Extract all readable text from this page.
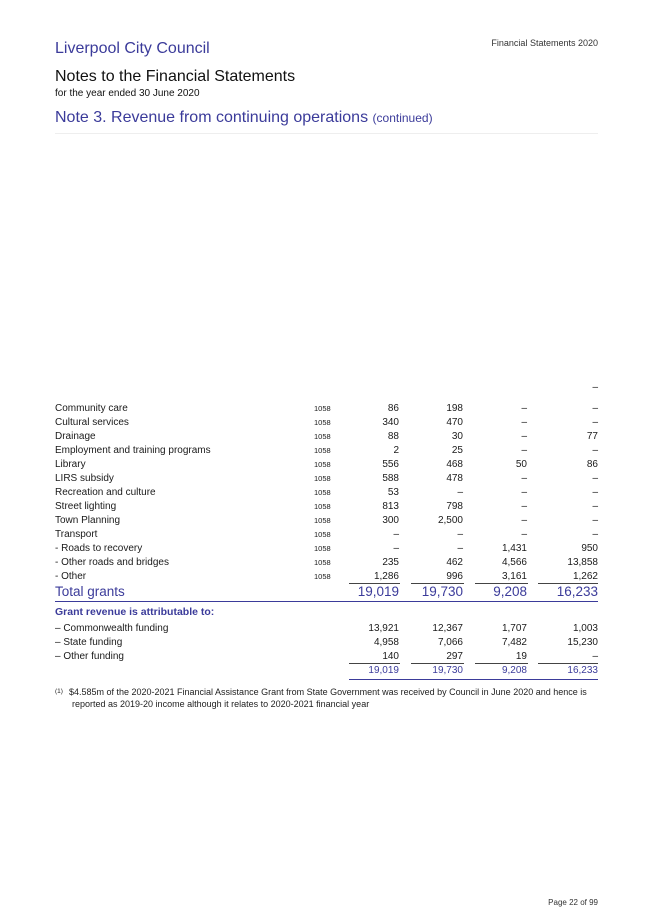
Liverpool City Council	Financial Statements 2020
Notes to the Financial Statements
for the year ended 30 June 2020
Note 3. Revenue from continuing operations (continued)
–
Community care	1058	86	198	–	–
Cultural services	1058	340	470	–	–
Drainage	1058	88	30	–	77
Employment and training programs	1058	2	25	–	–
Library	1058	556	468	50	86
LIRS subsidy	1058	588	478	–	–
Recreation and culture	1058	53	–	–	–
Street lighting	1058	813	798	–	–
Town Planning	1058	300	2,500	–	–
Transport	1058	–	–	–	–
- Roads to recovery	1058	–	–	1,431	950
- Other roads and bridges	1058	235	462	4,566	13,858
- Other	1058	1,286	996	3,161	1,262
Total grants	19,019	19,730	9,208	16,233
Grant revenue is attributable to:
– Commonwealth funding	13,921	12,367	1,707	1,003
– State funding	4,958	7,066	7,482	15,230
– Other funding	140	297	19	–
19,019	19,730	9,208	16,233
$^{(1)}$ $4.585m of the 2020-2021 Financial Assistance Grant from State Government was received by Council in June 2020 and hence is
reported as 2019-20 income although it relates to 2020-2021 financial year
Page 22 of 99
